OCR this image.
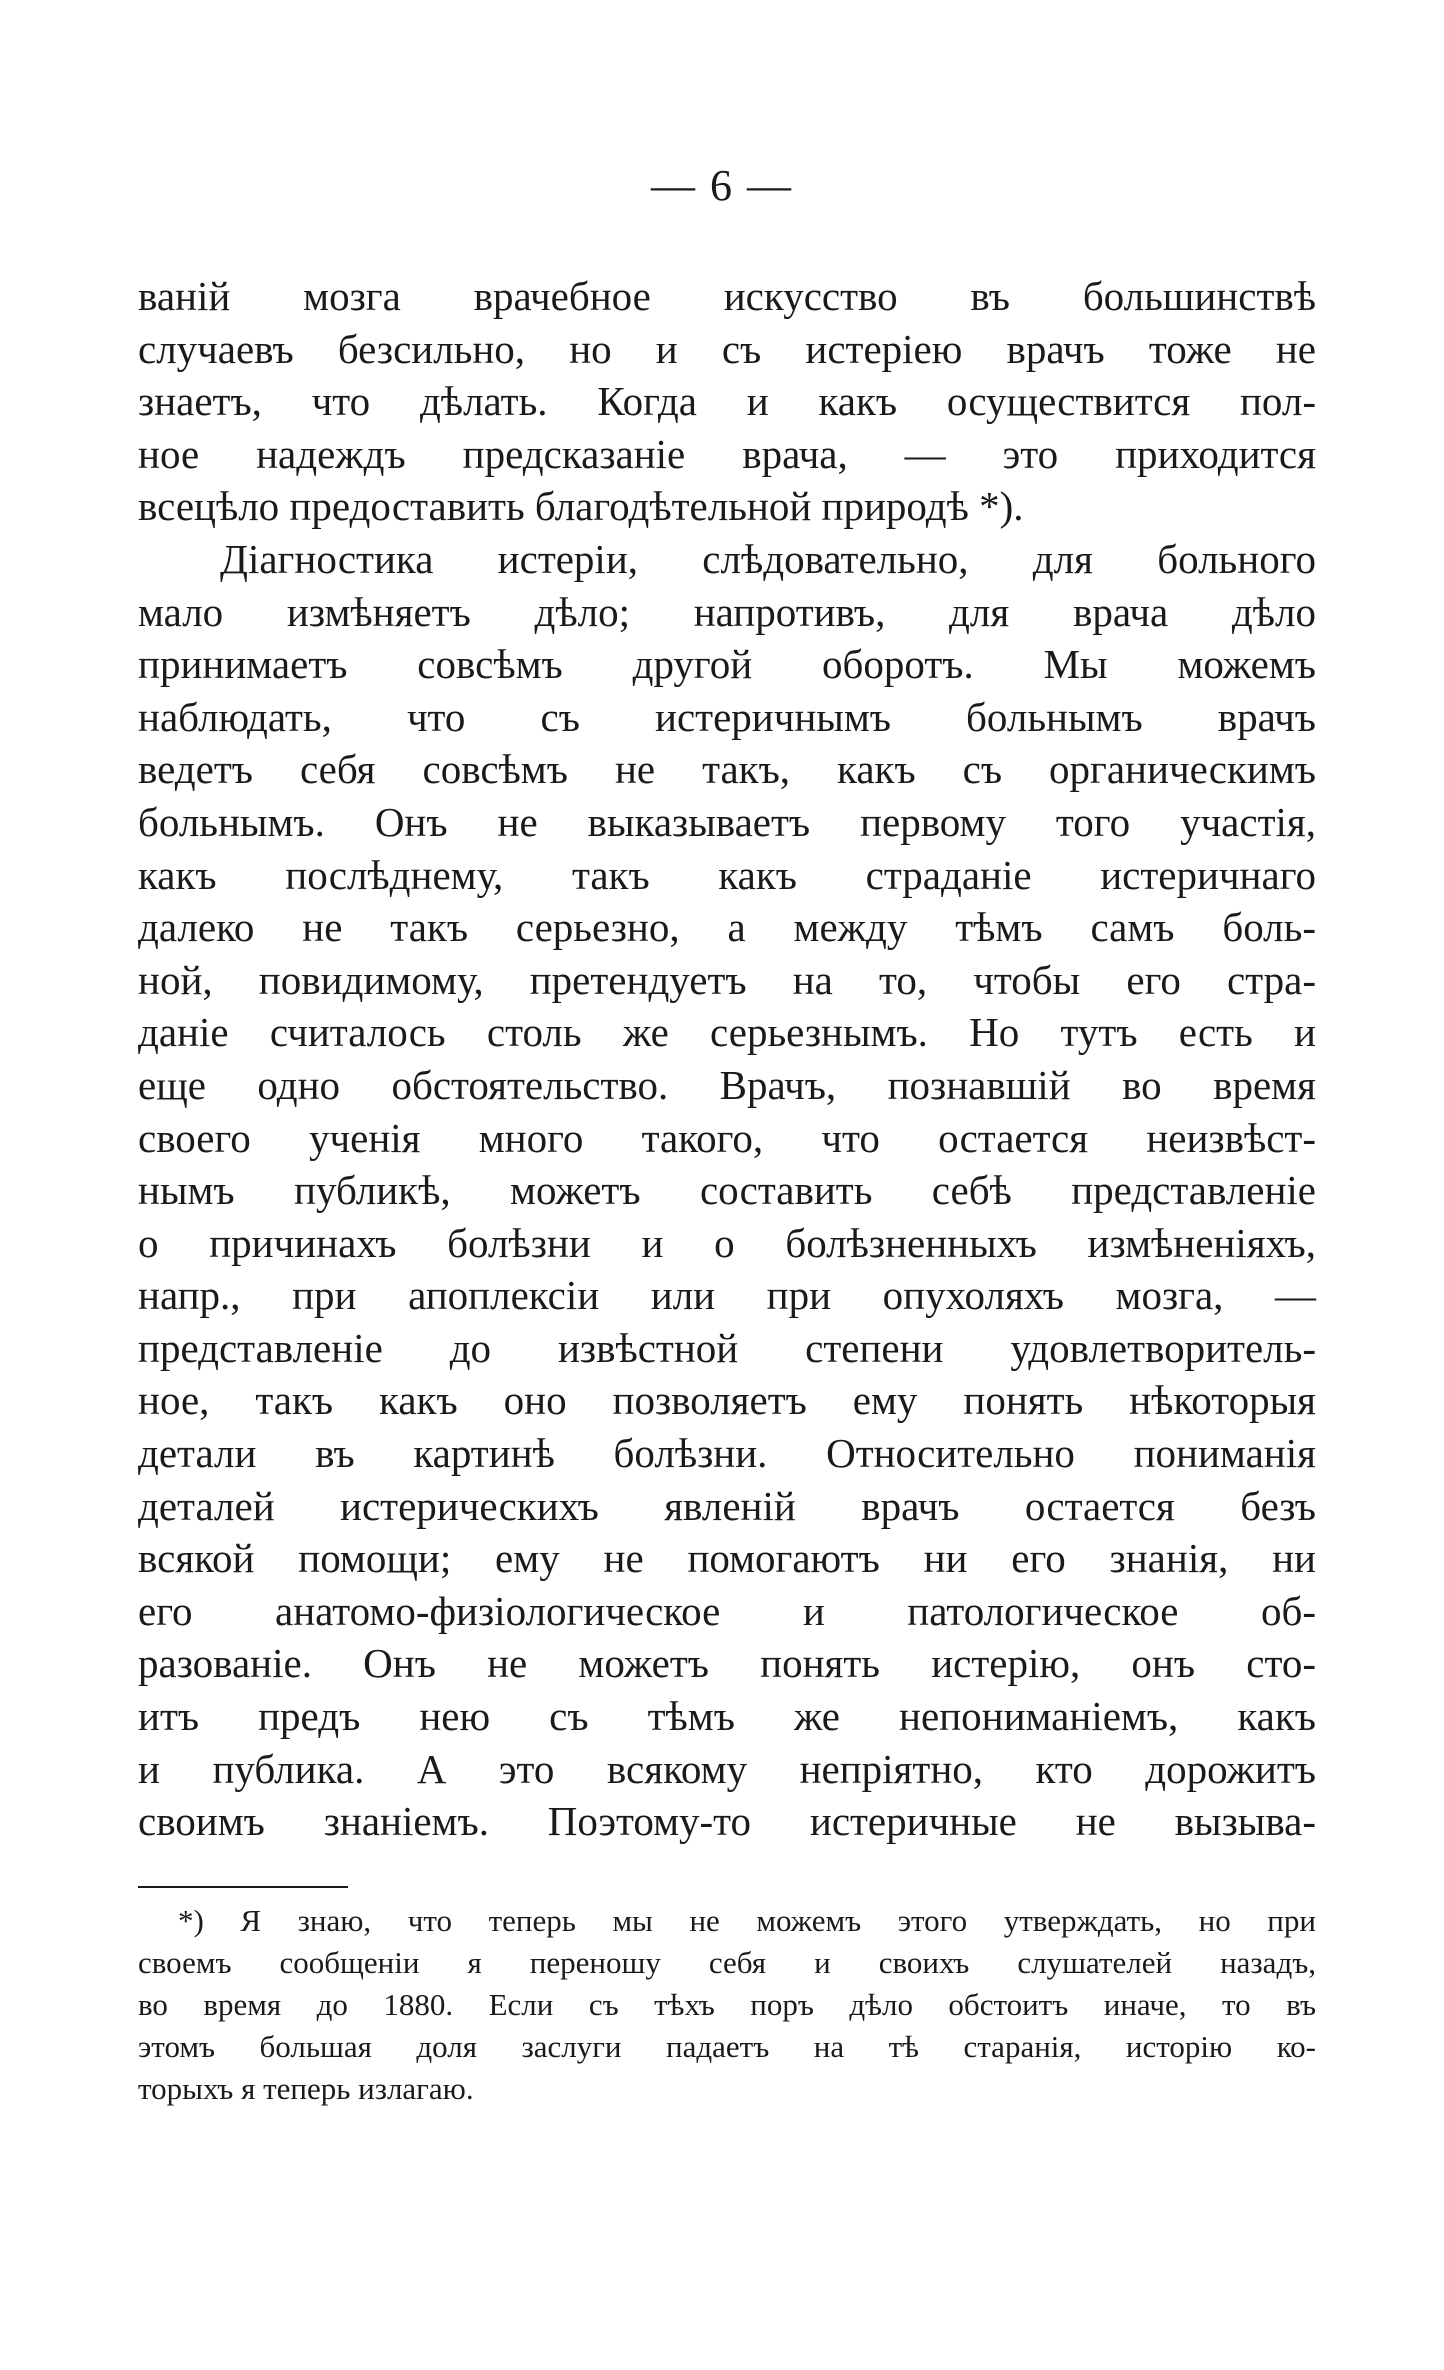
— 6 —
ваній мозга врачебное искусство въ большинствѣ
случаевъ безсильно, но и съ истеріею врачъ тоже не
знаетъ, что дѣлать. Когда и какъ осуществится пол-
ное надеждъ предсказаніе врача, — это приходится
всецѣло предоставить благодѣтельной природѣ *).
Діагностика истеріи, слѣдовательно, для больного
мало измѣняетъ дѣло; напротивъ, для врача дѣло
принимаетъ совсѣмъ другой оборотъ. Мы можемъ
наблюдать, что съ истеричнымъ больнымъ врачъ
ведетъ себя совсѣмъ не такъ, какъ съ органическимъ
больнымъ. Онъ не выказываетъ первому того участія,
какъ послѣднему, такъ какъ страданіе истеричнаго
далеко не такъ серьезно, а между тѣмъ самъ боль-
ной, повидимому, претендуетъ на то, чтобы его стра-
даніе считалось столь же серьезнымъ. Но тутъ есть и
еще одно обстоятельство. Врачъ, познавшій во время
своего ученія много такого, что остается неизвѣст-
нымъ публикѣ, можетъ составить себѣ представленіе
о причинахъ болѣзни и о болѣзненныхъ измѣненіяхъ,
напр., при апоплексіи или при опухоляхъ мозга, —
представленіе до извѣстной степени удовлетворитель-
ное, такъ какъ оно позволяетъ ему понять нѣкоторыя
детали въ картинѣ болѣзни. Относительно пониманія
деталей истерическихъ явленій врачъ остается безъ
всякой помощи; ему не помогаютъ ни его знанія, ни
его анатомо-физіологическое и патологическое об-
разованіе. Онъ не можетъ понять истерію, онъ сто-
итъ предъ нею съ тѣмъ же непониманіемъ, какъ
и публика. А это всякому непріятно, кто дорожитъ
своимъ знаніемъ. Поэтому-то истеричные не вызыва-
*) Я знаю, что теперь мы не можемъ этого утверждать, но при
своемъ сообщеніи я переношу себя и своихъ слушателей назадъ,
во время до 1880. Если съ тѣхъ поръ дѣло обстоитъ иначе, то въ
этомъ большая доля заслуги падаетъ на тѣ старанія, исторію ко-
торыхъ я теперь излагаю.
